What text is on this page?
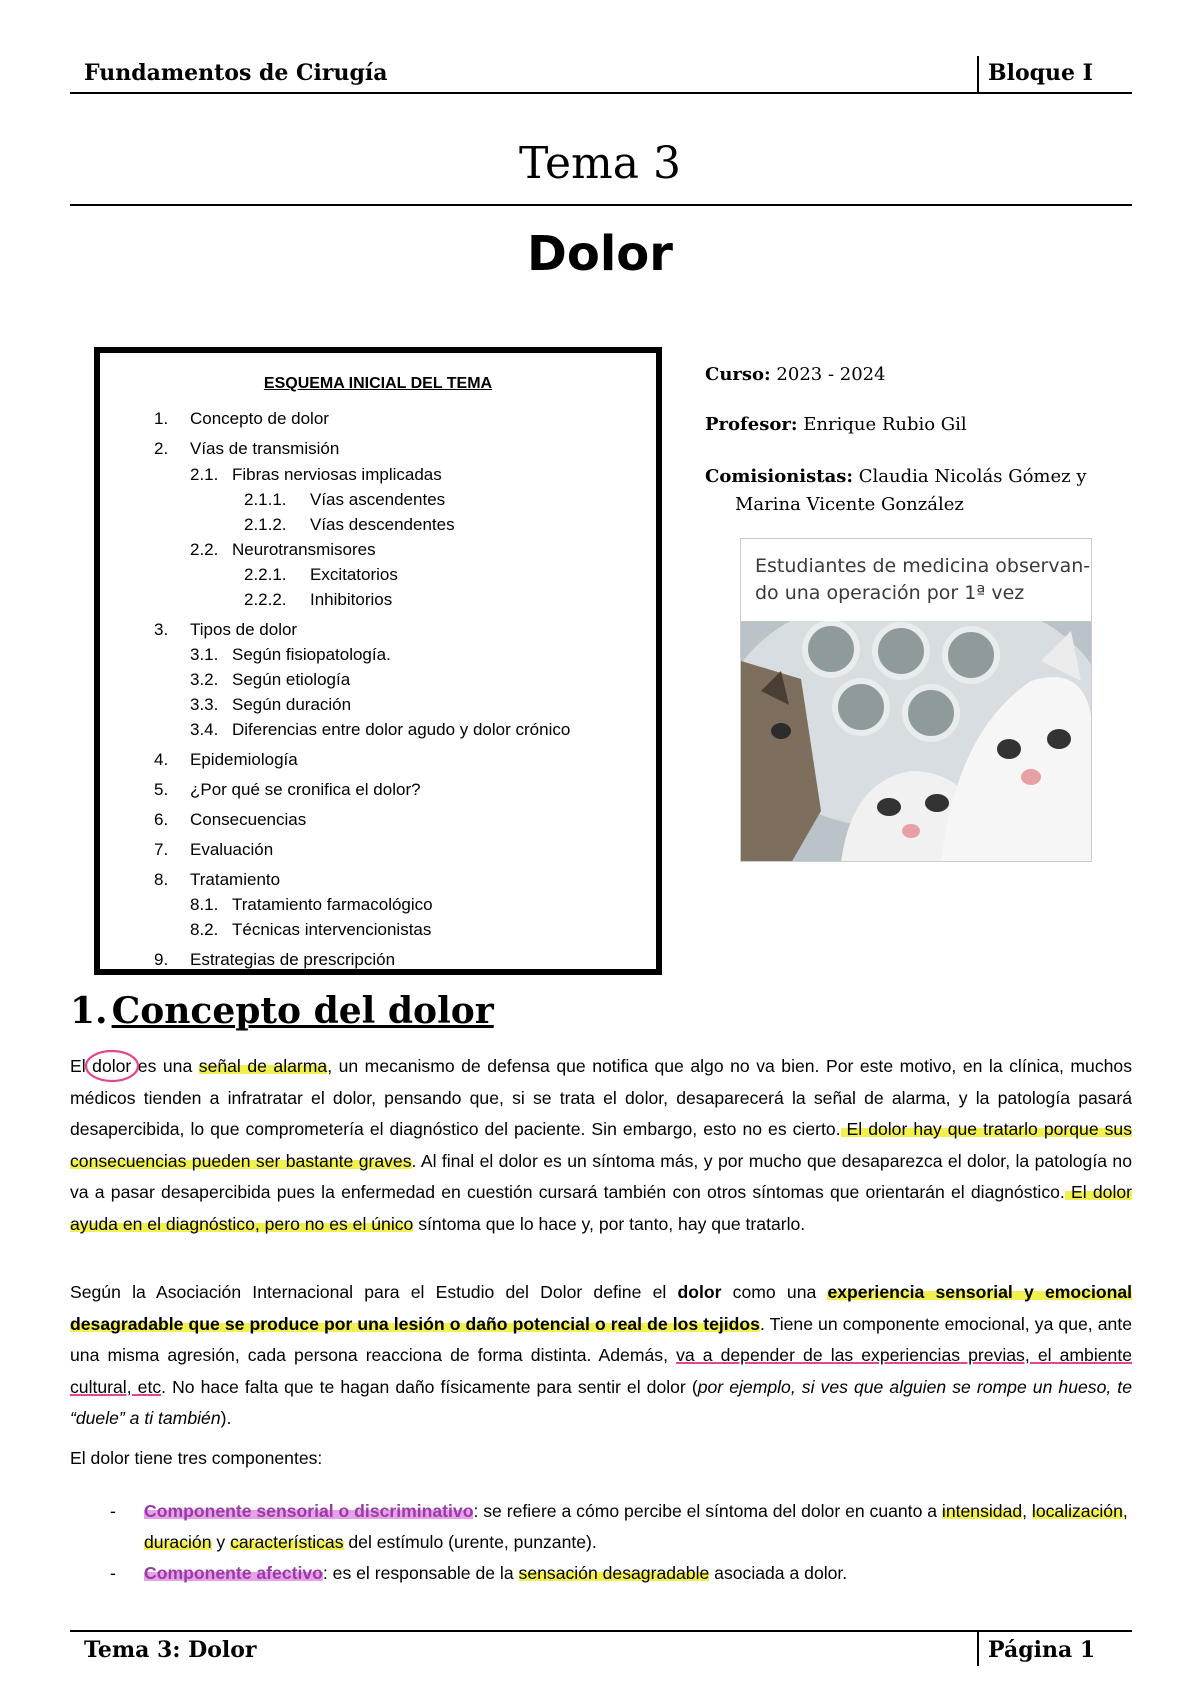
Fundamentos de Cirugía	Bloque I
Tema 3
Dolor
ESQUEMA INICIAL DEL TEMA
1. Concepto de dolor
2. Vías de transmisión
2.1. Fibras nerviosas implicadas
2.1.1. Vías ascendentes
2.1.2. Vías descendentes
2.2. Neurotransmisores
2.2.1. Excitatorios
2.2.2. Inhibitorios
3. Tipos de dolor
3.1. Según fisiopatología.
3.2. Según etiología
3.3. Según duración
3.4. Diferencias entre dolor agudo y dolor crónico
4. Epidemiología
5. ¿Por qué se cronifica el dolor?
6. Consecuencias
7. Evaluación
8. Tratamiento
8.1. Tratamiento farmacológico
8.2. Técnicas intervencionistas
9. Estrategias de prescripción
Curso: 2023 - 2024
Profesor: Enrique Rubio Gil
Comisionistas: Claudia Nicolás Gómez y
Marina Vicente González
Estudiantes de medicina observan-
do una operación por 1ª vez
1. Concepto del dolor
El dolor
es una señal de alarma, un mecanismo de defensa que notifica que algo no va bien. Por este motivo, en la clínica, muchos médicos tienden a infratratar el dolor, pensando que, si se trata el dolor, desaparecerá la señal de alarma, y la patología pasará desapercibida, lo que comprometería el diagnóstico del paciente. Sin embargo, esto no es cierto. El dolor hay que tratarlo porque sus consecuencias pueden ser bastante graves. Al final el dolor es un síntoma más, y por mucho que desaparezca el dolor, la patología no va a pasar desapercibida pues la enfermedad en cuestión cursará también con otros síntomas que orientarán el diagnóstico. El dolor ayuda en el diagnóstico, pero no es el único síntoma que lo hace y, por tanto, hay que tratarlo.
Según la Asociación Internacional para el Estudio del Dolor define el dolor como una experiencia sensorial y emocional desagradable que se produce por una lesión o daño potencial o real de los tejidos. Tiene un componente emocional, ya que, ante una misma agresión, cada persona reacciona de forma distinta. Además, va a depender de las experiencias previas, el ambiente cultural, etc. No hace falta que te hagan daño físicamente para sentir el dolor (por ejemplo, si ves que alguien se rompe un hueso, te “duele” a ti también).
El dolor tiene tres componentes:
- Componente sensorial o discriminativo: se refiere a cómo percibe el síntoma del dolor en cuanto a intensidad, localización, duración y características del estímulo (urente, punzante).
- Componente afectivo: es el responsable de la sensación desagradable asociada a dolor.
Tema 3: Dolor	Página 1
